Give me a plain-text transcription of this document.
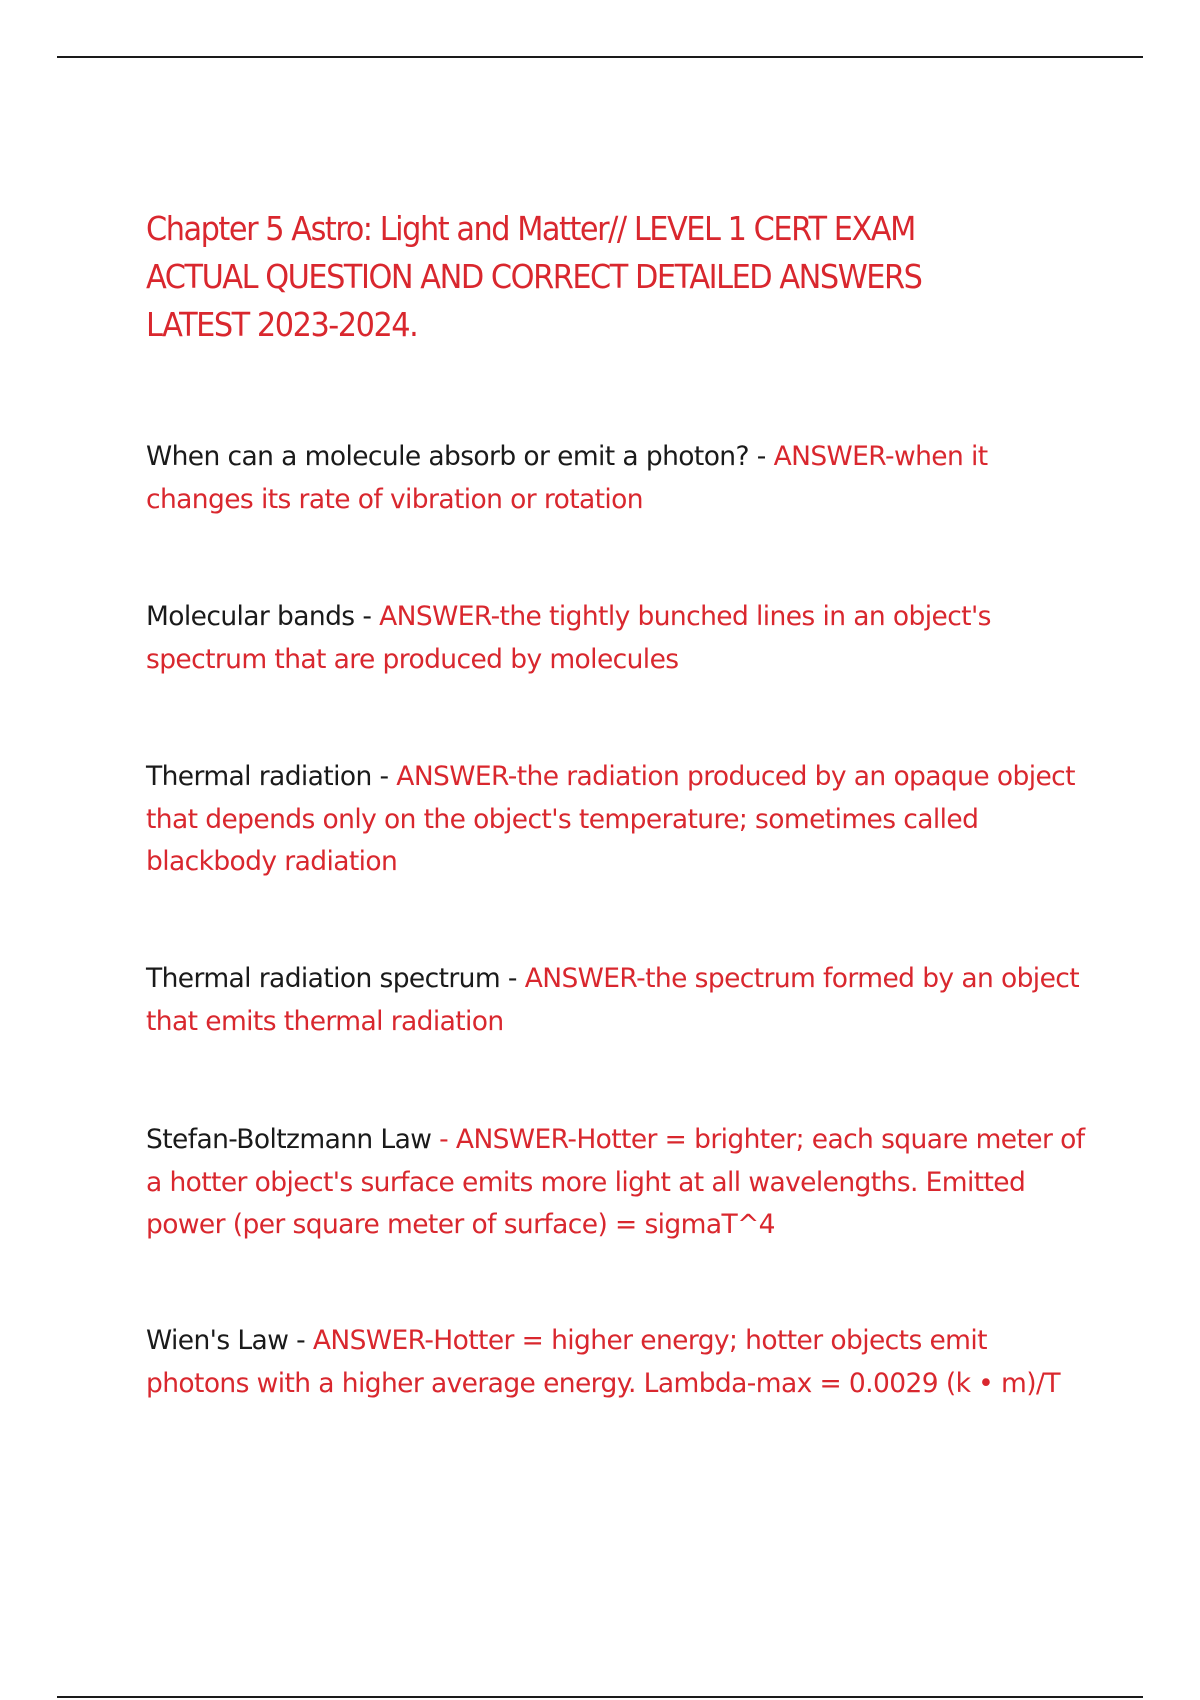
Chapter 5 Astro: Light and Matter// LEVEL 1 CERT EXAM ACTUAL QUESTION AND CORRECT DETAILED ANSWERS LATEST 2023-2024.
When can a molecule absorb or emit a photon? - ANSWER-when it changes its rate of vibration or rotation
Molecular bands - ANSWER-the tightly bunched lines in an object's spectrum that are produced by molecules
Thermal radiation - ANSWER-the radiation produced by an opaque object that depends only on the object's temperature; sometimes called blackbody radiation
Thermal radiation spectrum - ANSWER-the spectrum formed by an object that emits thermal radiation
Stefan-Boltzmann Law - ANSWER-Hotter = brighter; each square meter of a hotter object's surface emits more light at all wavelengths. Emitted power (per square meter of surface) = sigmaT^4
Wien's Law - ANSWER-Hotter = higher energy; hotter objects emit photons with a higher average energy. Lambda-max = 0.0029 (k • m)/T
